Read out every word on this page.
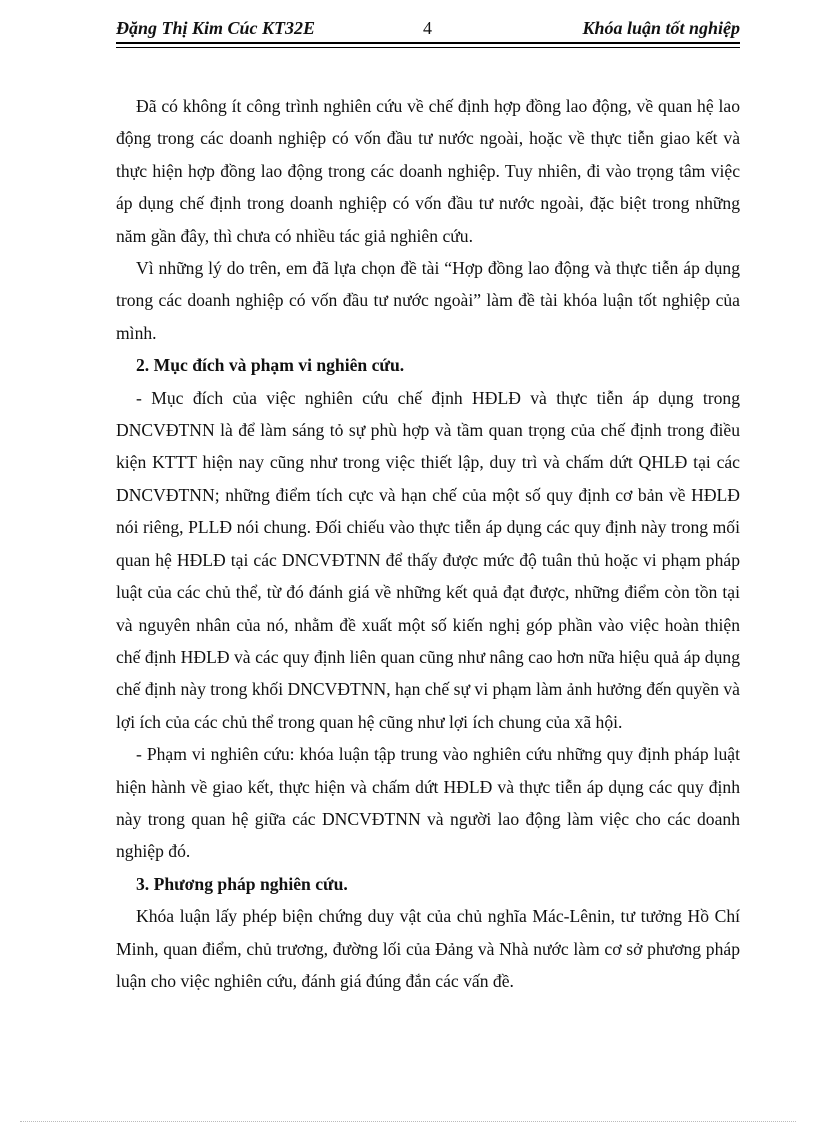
Đặng Thị Kim Cúc KT32E	4	Khóa luận tốt nghiệp

Đã có không ít công trình nghiên cứu về chế định hợp đồng lao động, về quan hệ lao động trong các doanh nghiệp có vốn đầu tư nước ngoài, hoặc về thực tiễn giao kết và thực hiện hợp đồng lao động trong các doanh nghiệp. Tuy nhiên, đi vào trọng tâm việc áp dụng chế định trong doanh nghiệp có vốn đầu tư nước ngoài, đặc biệt trong những năm gần đây, thì chưa có nhiều tác giả nghiên cứu.

Vì những lý do trên, em đã lựa chọn đề tài “Hợp đồng lao động và thực tiễn áp dụng trong các doanh nghiệp có vốn đầu tư nước ngoài” làm đề tài khóa luận tốt nghiệp của mình.

2. Mục đích và phạm vi nghiên cứu.

- Mục đích của việc nghiên cứu chế định HĐLĐ và thực tiễn áp dụng trong DNCVĐTNN là để làm sáng tỏ sự phù hợp và tầm quan trọng của chế định trong điều kiện KTTT hiện nay cũng như trong việc thiết lập, duy trì và chấm dứt QHLĐ tại các DNCVĐTNN; những điểm tích cực và hạn chế của một số quy định cơ bản về HĐLĐ nói riêng, PLLĐ nói chung. Đối chiếu vào thực tiễn áp dụng các quy định này trong mối quan hệ HĐLĐ tại các DNCVĐTNN để thấy được mức độ tuân thủ hoặc vi phạm pháp luật của các chủ thể, từ đó đánh giá về những kết quả đạt được, những điểm còn tồn tại và nguyên nhân của nó, nhằm đề xuất một số kiến nghị góp phần vào việc hoàn thiện chế định HĐLĐ và các quy định liên quan cũng như nâng cao hơn nữa hiệu quả áp dụng chế định này trong khối DNCVĐTNN, hạn chế sự vi phạm làm ảnh hưởng đến quyền và lợi ích của các chủ thể trong quan hệ cũng như lợi ích chung của xã hội.

- Phạm vi nghiên cứu: khóa luận tập trung vào nghiên cứu những quy định pháp luật hiện hành về giao kết, thực hiện và chấm dứt HĐLĐ và thực tiễn áp dụng các quy định này trong quan hệ giữa các DNCVĐTNN và người lao động làm việc cho các doanh nghiệp đó.

3. Phương pháp nghiên cứu.

Khóa luận lấy phép biện chứng duy vật của chủ nghĩa Mác-Lênin, tư tưởng Hồ Chí Minh, quan điểm, chủ trương, đường lối của Đảng và Nhà nước làm cơ sở phương pháp luận cho việc nghiên cứu, đánh giá đúng đắn các vấn đề.
